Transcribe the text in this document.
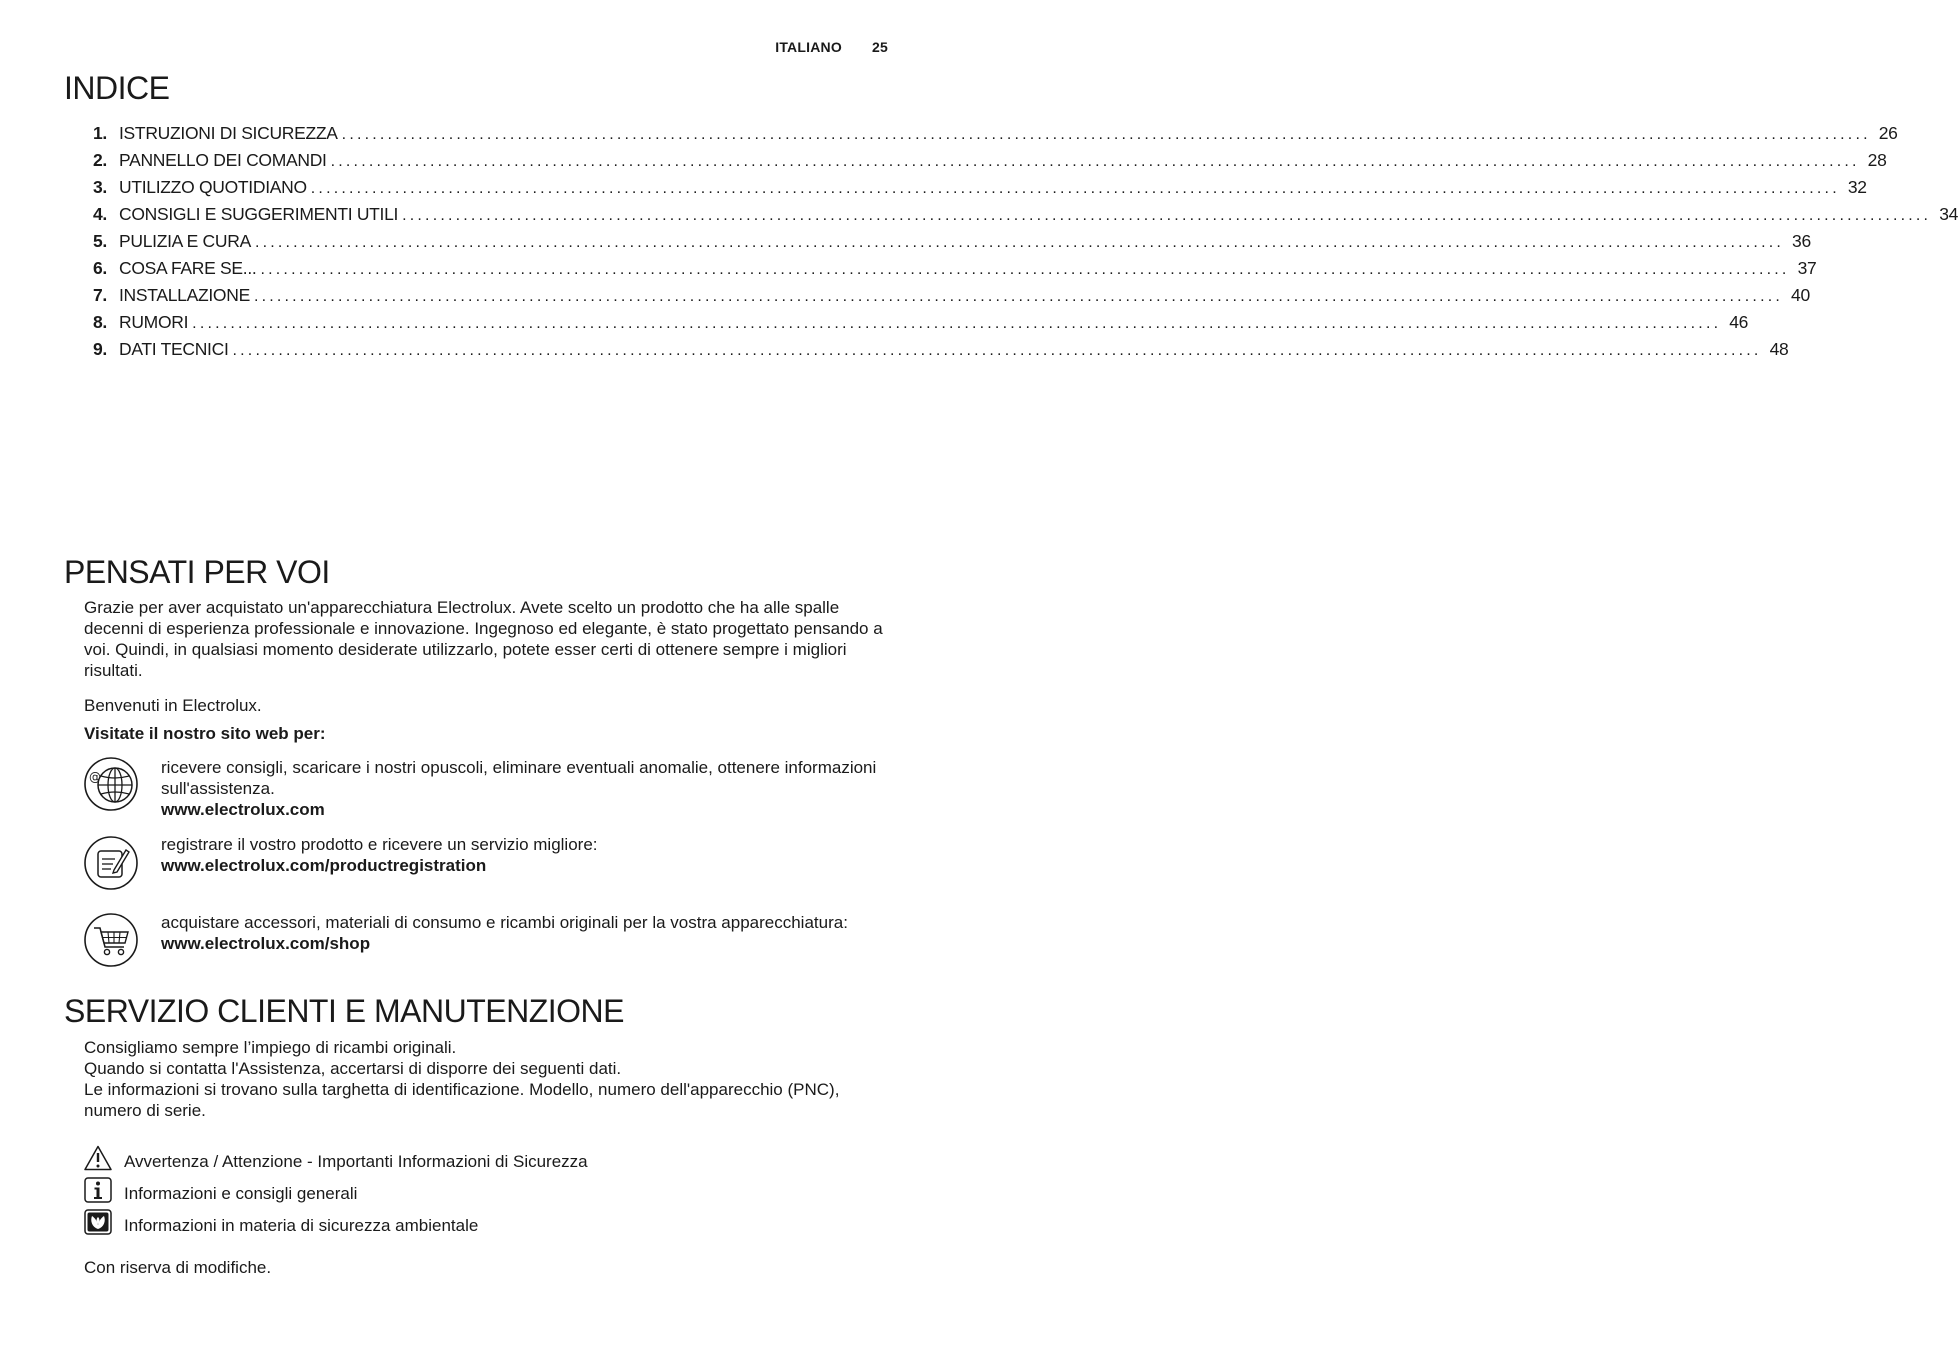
ITALIANO 25
INDICE
1. ISTRUZIONI DI SICUREZZA ........................................................................................................................................................................................................ 26
2. PANNELLO DEI COMANDI ........................................................................................................................................................................................................ 28
3. UTILIZZO QUOTIDIANO ........................................................................................................................................................................................................ 32
4. CONSIGLI E SUGGERIMENTI UTILI ........................................................................................................................................................................................................ 34
5. PULIZIA E CURA ........................................................................................................................................................................................................ 36
6. COSA FARE SE... ........................................................................................................................................................................................................ 37
7. INSTALLAZIONE ........................................................................................................................................................................................................ 40
8. RUMORI ........................................................................................................................................................................................................ 46
9. DATI TECNICI ........................................................................................................................................................................................................ 48
PENSATI PER VOI

Grazie per aver acquistato un'apparecchiatura Electrolux. Avete scelto un prodotto che ha alle spalle decenni di esperienza professionale e innovazione. Ingegnoso ed elegante, è stato progettato pensando a voi. Quindi, in qualsiasi momento desiderate utilizzarlo, potete esser certi di ottenere sempre i migliori risultati.

Benvenuti in Electrolux.

Visitate il nostro sito web per:

@	ricevere consigli, scaricare i nostri opuscoli, eliminare eventuali anomalie, ottenere informazioni sull'assistenza.
www.electrolux.com
registrare il vostro prodotto e ricevere un servizio migliore:
www.electrolux.com/productregistration
acquistare accessori, materiali di consumo e ricambi originali per la vostra apparecchiatura:
www.electrolux.com/shop
SERVIZIO CLIENTI E MANUTENZIONE
Consigliamo sempre l’impiego di ricambi originali.
Quando si contatta l'Assistenza, accertarsi di disporre dei seguenti dati.
Le informazioni si trovano sulla targhetta di identificazione. Modello, numero dell'apparecchio (PNC), numero di serie.
Avvertenza / Attenzione - Importanti Informazioni di Sicurezza
Informazioni e consigli generali
Informazioni in materia di sicurezza ambientale

Con riserva di modifiche.
